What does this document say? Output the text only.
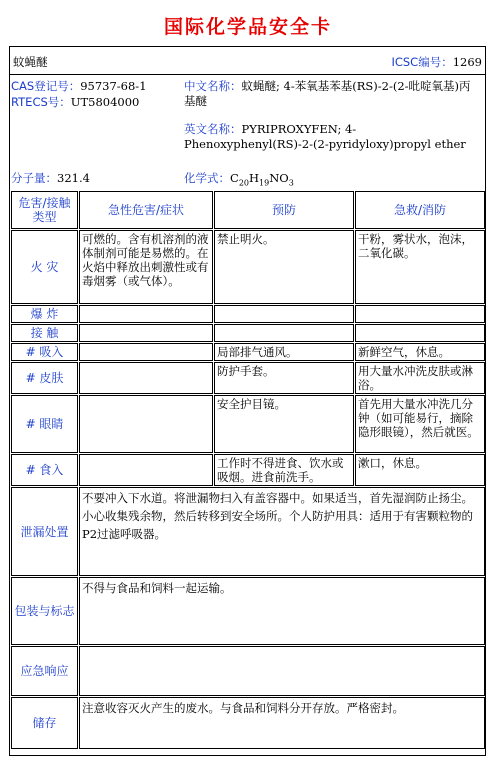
国际化学品安全卡
蚊蝇醚	ICSC编号：1269
CAS登记号：95737-68-1
RTECS号：UT5804000
中文名称：蚊蝇醚; 4-苯氧基苯基(RS)-2-(2-吡啶氧基)丙基醚
英文名称：PYRIPROXYFEN; 4-Phenoxyphenyl(RS)-2-(2-pyridyloxy)propyl ether
分子量：321.4	化学式：$C_{20}H_{19}NO_3$
危害/接触类型	急性危害/症状	预防	急救/消防
火 灾	可燃的。含有机溶剂的液体制剂可能是易燃的。在火焰中释放出刺激性或有毒烟雾（或气体）。	禁止明火。	干粉，雾状水，泡沫，二氧化碳。
爆 炸			
接 触			
# 吸入		局部排气通风。	新鲜空气，休息。
# 皮肤		防护手套。	用大量水冲洗皮肤或淋浴。
# 眼睛		安全护目镜。	首先用大量水冲洗几分钟（如可能易行，摘除隐形眼镜），然后就医。
# 食入		工作时不得进食、饮水或吸烟。进食前洗手。	漱口，休息。
泄漏处置	不要冲入下水道。将泄漏物扫入有盖容器中。如果适当，首先湿润防止扬尘。小心收集残余物，然后转移到安全场所。个人防护用具：适用于有害颗粒物的P2过滤呼吸器。
包装与标志	不得与食品和饲料一起运输。
应急响应	
储存	注意收容灭火产生的废水。与食品和饲料分开存放。严格密封。
